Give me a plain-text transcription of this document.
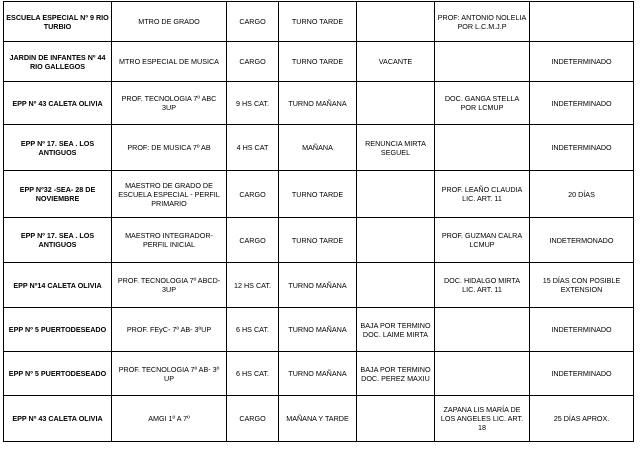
ESCUELA ESPECIAL Nº 9 RIO TURBIO	MTRO DE GRADO	CARGO	TURNO TARDE		PROF: ANTONIO NOLELIA POR L.C.M.J.P	
JARDIN DE INFANTES Nº 44 RIO GALLEGOS	MTRO ESPECIAL DE MUSICA	CARGO	TURNO TARDE	VACANTE		INDETERMINADO
EPP Nº 43 CALETA OLIVIA	PROF. TECNOLOGIA 7º ABC 3UP	9 HS CAT.	TURNO MAÑANA		DOC. GANGA STELLA POR LCMUP	INDETERMINADO
EPP Nº 17. SEA . LOS ANTIGUOS	PROF: DE MUSICA 7º AB	4 HS CAT	MAÑANA	RENUNCIA MIRTA SEGUEL		INDETERMINADO
EPP Nº32 -SEA- 28 DE NOVIEMBRE	MAESTRO DE GRADO DE ESCUELA ESPECIAL - PERFIL PRIMARIO	CARGO	TURNO TARDE		PROF. LEAÑO CLAUDIA LIC. ART. 11	20 DÍAS
EPP Nº 17. SEA . LOS ANTIGUOS	MAESTRO INTEGRADOR- PERFIL INICIAL	CARGO	TURNO TARDE		PROF. GUZMAN CALRA LCMUP	INDETERMONADO
EPP Nº14 CALETA OLIVIA	PROF. TECNOLOGIA 7º ABCD- 3UP	12 HS CAT.	TURNO MAÑANA		DOC. HIDALGO MIRTA LIC. ART. 11	15 DÍAS CON POSIBLE EXTENSION
EPP Nº 5 PUERTODESEADO	PROF. FEyC- 7º AB- 3ºUP	6 HS CAT.	TURNO MAÑANA	BAJA POR TERMINO DOC. LAIME MIRTA		INDETERMINADO
EPP Nº 5 PUERTODESEADO	PROF. TECNOLOGIA 7º AB- 3º UP	6 HS CAT.	TURNO MAÑANA	BAJA POR TERMINO DOC. PEREZ MAXIU		INDETERMINADO
EPP Nº 43 CALETA OLIVIA	AMGI 1º A 7º	CARGO	MAÑANA Y TARDE		ZAPANA LIS MARÍA DE LOS ANGELES LIC. ART. 18	25 DÍAS APROX.
